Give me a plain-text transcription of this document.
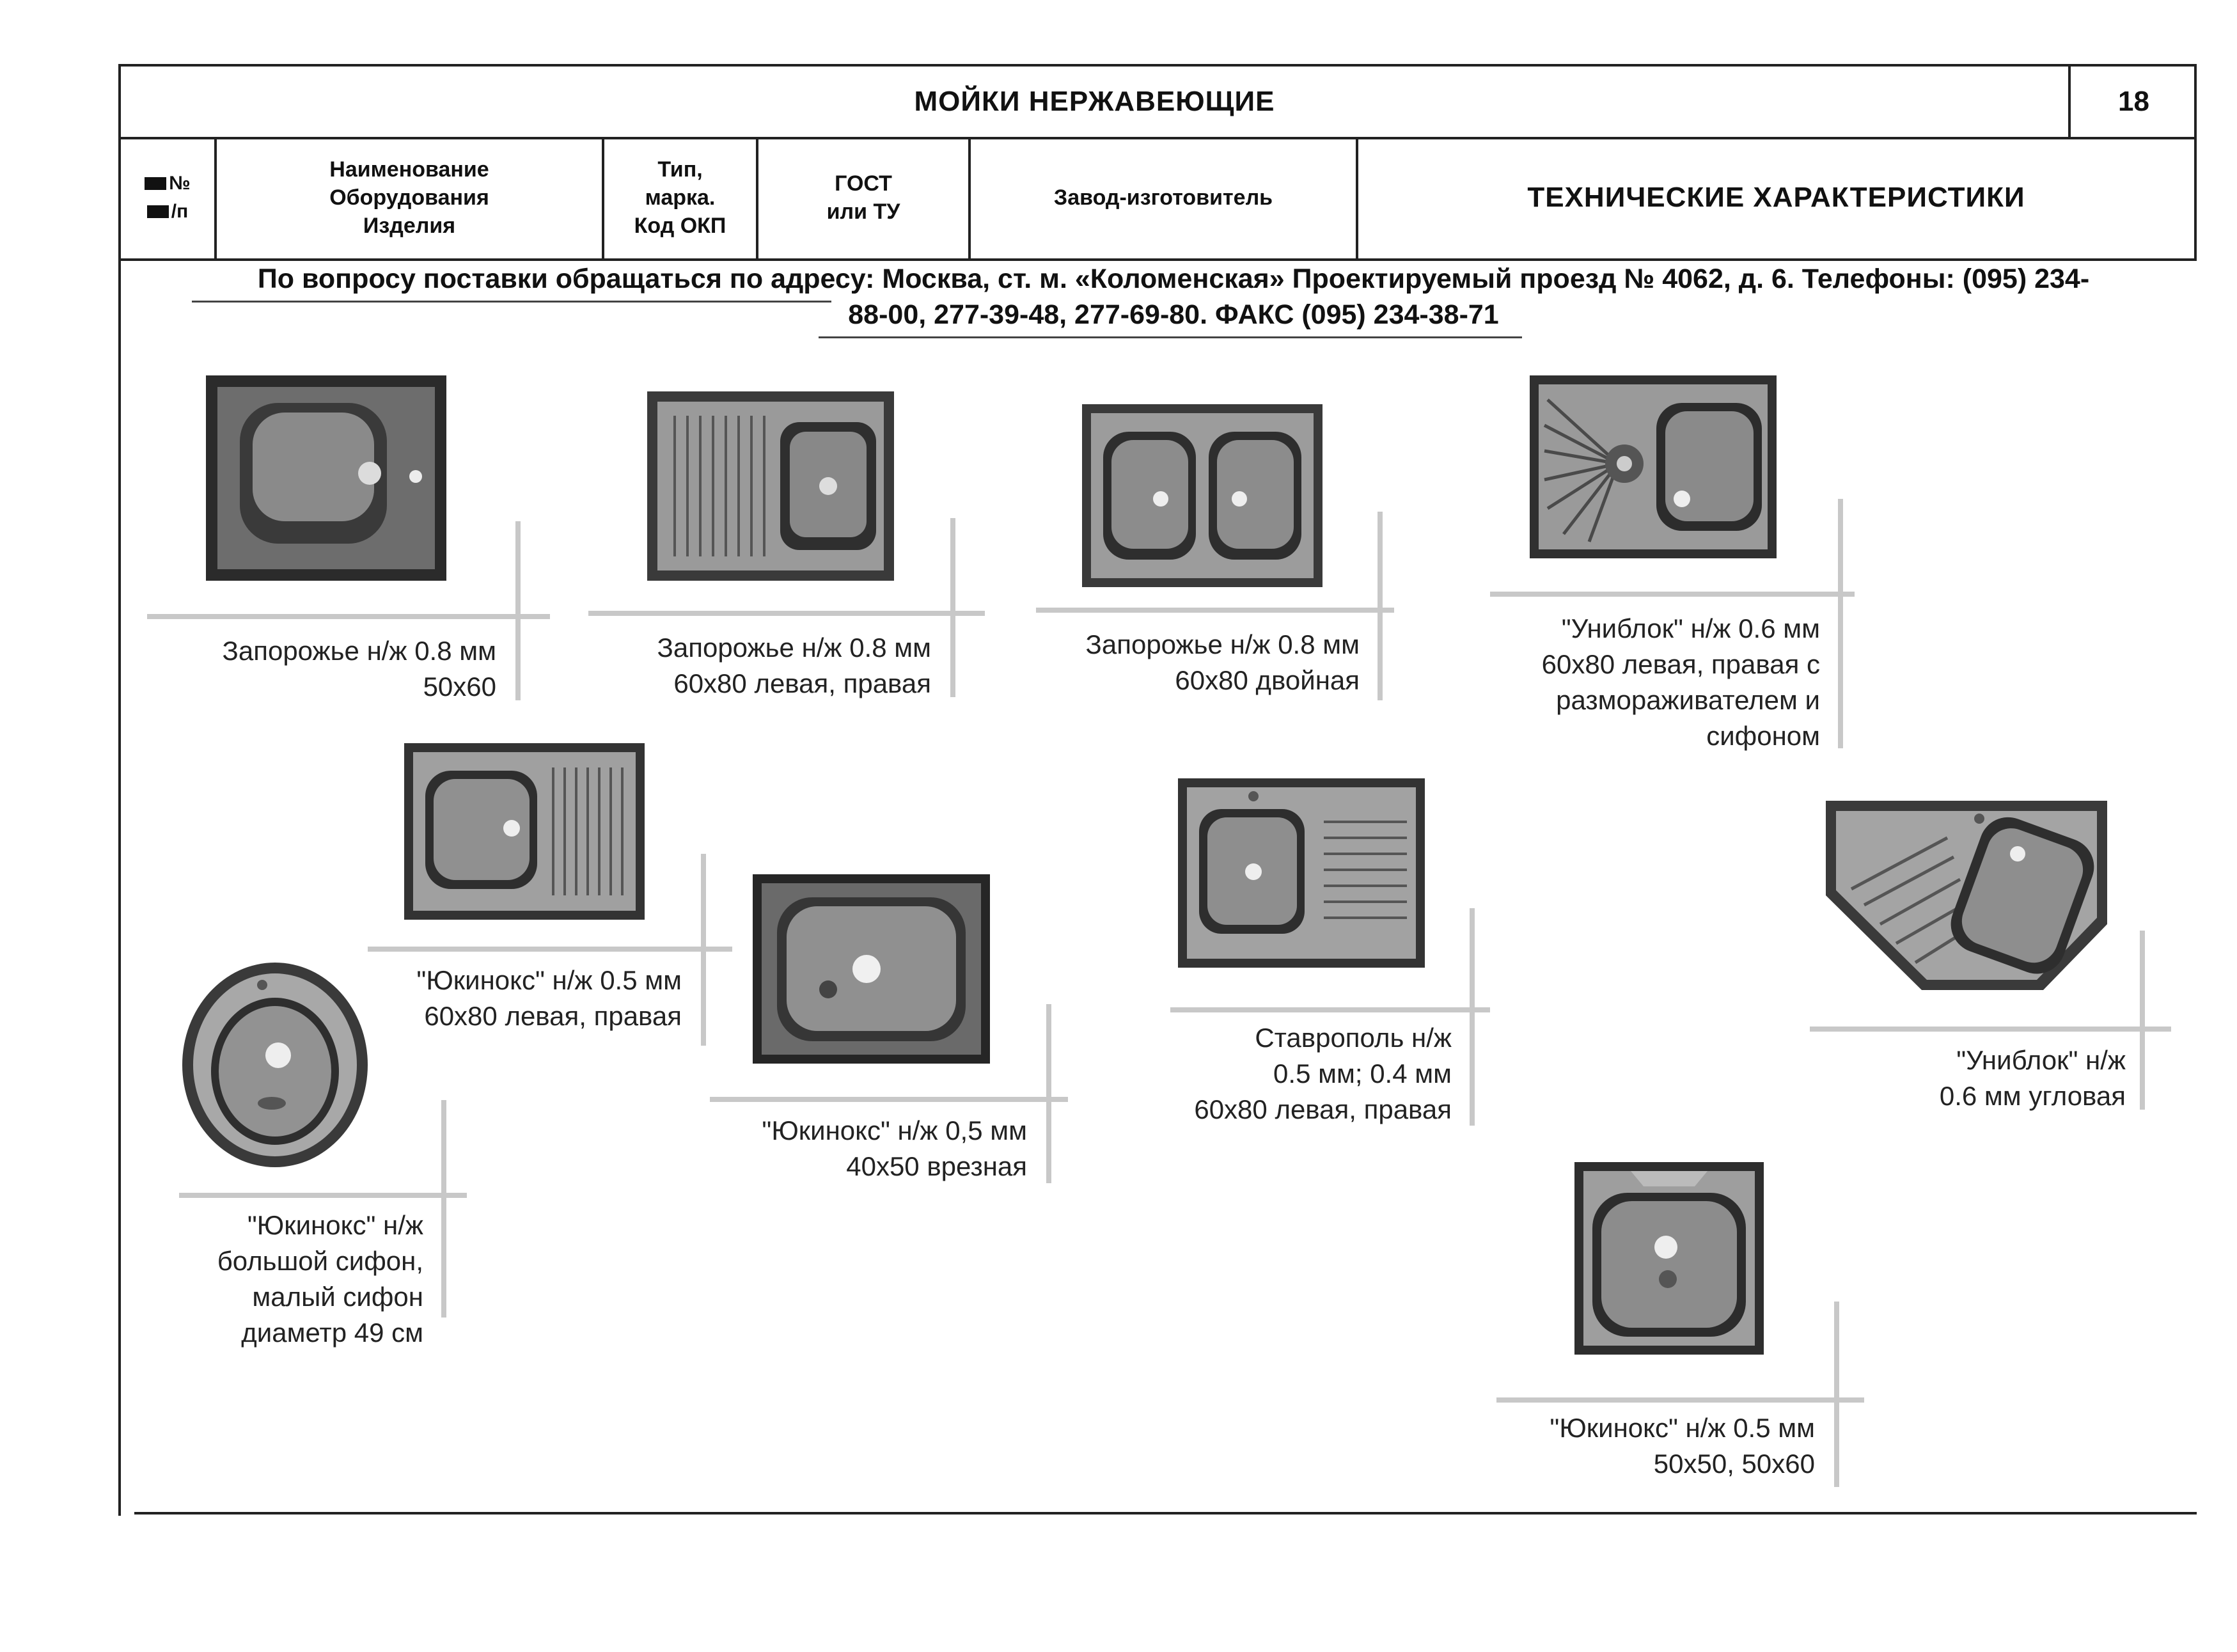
МОЙКИ НЕРЖАВЕЮЩИЕ	18
№
/п
Наименование
Оборудования
Изделия
Тип,
марка.
Код ОКП
ГОСТ
или ТУ
Завод-изготовитель	ТЕХНИЧЕСКИЕ ХАРАКТЕРИСТИКИ
По вопросу поставки обращаться по адресу: Москва, ст. м. «Коломенская» Проектируемый проезд № 4062, д. 6. Телефоны: (095) 234-
88-00, 277-39-48, 277-69-80. ФАКС (095) 234-38-71
Запорожье н/ж 0.8 мм
50х60
Запорожье н/ж 0.8 мм
60х80 левая, правая
Запорожье н/ж 0.8 мм
60х80 двойная
"Униблок" н/ж 0.6 мм
60х80 левая, правая с
размораживателем и
сифоном
"Юкинокс" н/ж 0.5 мм
60х80 левая, правая
"Юкинокс" н/ж 0,5 мм
40х50 врезная
Ставрополь н/ж
0.5 мм; 0.4 мм
60х80 левая, правая
"Униблок" н/ж
0.6 мм угловая
"Юкинокс" н/ж
большой сифон,
малый сифон
диаметр 49 см
"Юкинокс" н/ж 0.5 мм
50х50, 50х60
